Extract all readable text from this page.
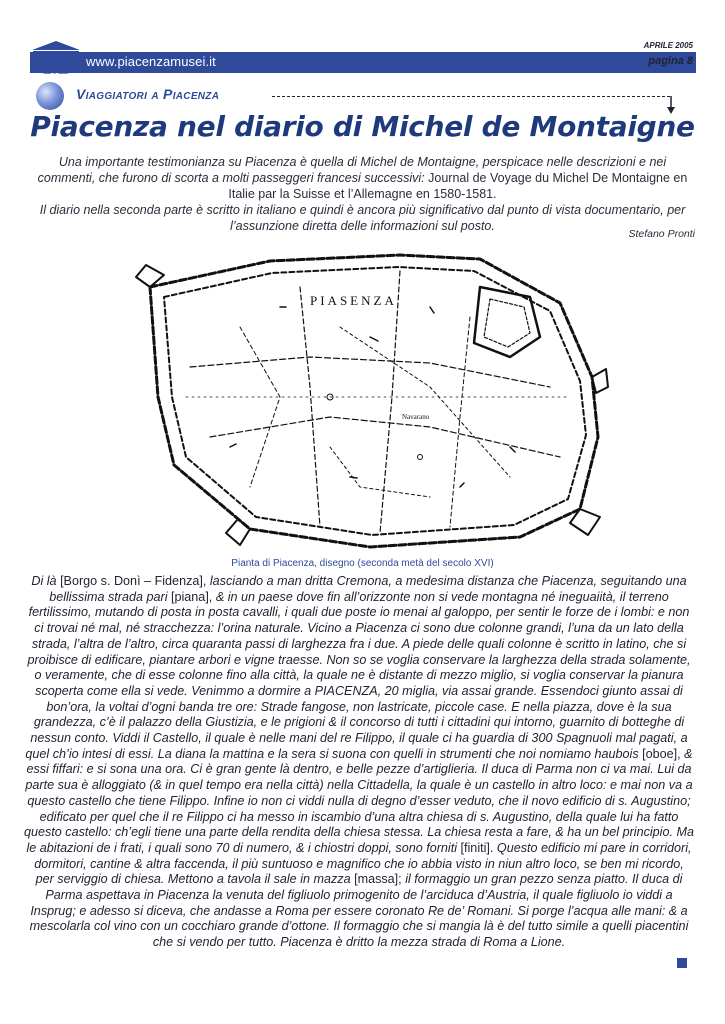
www.piacenzamusei.it
APRILE 2005
pagina 8
Viaggiatori a Piacenza
Piacenza nel diario di Michel de Montaigne
Una importante testimonianza su Piacenza è quella di Michel de Montaigne, perspicace nelle descrizioni e nei commenti, che furono di scorta a molti passeggeri francesi successivi: Journal de Voyage du Michel De Montaigne en Italie par la Suisse et l’Allemagne en 1580-1581.
Il diario nella seconda parte è scritto in italiano e quindi è ancora più significativo dal punto di vista documentario, per l’assunzione diretta delle informazioni sul posto.
Stefano Pronti
PIASENZA
Navarano
Pianta di Piacenza, disegno (seconda metà del secolo XVI)
Di là [Borgo s. Donì – Fidenza], lasciando a man dritta Cremona, a medesima distanza che Piacenza, seguitando una bellissima strada pari [piana], & in un paese dove fin all’orizzonte non si vede montagna né ineguaiità, il terreno fertilissimo, mutando di posta in posta cavalli, i quali due poste io menai al galoppo, per sentir le forze de i lombi: e non ci trovai né mal, né stracchezza: l’orina naturale. Vicino a Piacenza ci sono due colonne grandi, l’una da un lato della strada, l’altra de l’altro, circa quaranta passi di larghezza fra i due. A piede delle quali colonne è scritto in latino, che si proibisce di edificare, piantare arbori e vigne traesse. Non so se voglia conservare la larghezza della strada solamente, o veramente, che di esse colonne fino alla città, la quale ne è distante di mezzo miglio, si voglia conservar la pianura scoperta come ella si vede. Venimmo a dormire a PIACENZA, 20 miglia, via assai grande. Essendoci giunto assai di bon’ora, la voltai d’ogni banda tre ore: Strade fangose, non lastricate, piccole case. E nella piazza, dove è la sua grandezza, c’è il palazzo della Giustizia, e le prigioni & il concorso di tutti i cittadini qui intorno, guarnito di botteghe di nessun conto. Viddi il Castello, il quale è nelle mani del re Filippo, il quale ci ha guardia di 300 Spagnuoli mal pagati, a quel ch’io intesi di essi. La diana la mattina e la sera si suona con quelli in strumenti che noi nomiamo haubois [oboe], & essi fiffari: e si sona una ora. Ci è gran gente là dentro, e belle pezze d’artiglieria. Il duca di Parma non ci va mai. Lui da parte sua è alloggiato (& in quel tempo era nella città) nella Cittadella, la quale è un castello in altro loco: e mai non va a questo castello che tiene Filippo. Infine io non ci viddi nulla di degno d’esser veduto, che il novo edificio di s. Augustino; edificato per quel che il re Filippo ci ha messo in iscambio d’una altra chiesa di s. Augustino, della quale lui ha fatto questo castello: ch’egli tiene una parte della rendita della chiesa stessa. La chiesa resta a fare, & ha un bel principio. Ma le abitazioni de i frati, i quali sono 70 di numero, & i chiostri doppi, sono forniti [finiti]. Questo edificio mi pare in corridori, dormitori, cantine & altra faccenda, il più suntuoso e magnifico che io abbia visto in niun altro loco, se ben mi ricordo, per serviggio di chiesa. Mettono a tavola il sale in mazza [massa]; il formaggio un gran pezzo senza piatto. Il duca di Parma aspettava in Piacenza la venuta del figliuolo primogenito de l’arciduca d’Austria, il quale figliuolo io viddi a Insprug; e adesso si diceva, che andasse a Roma per essere coronato Re de’ Romani. Si porge l’acqua alle mani: & a mescolarla col vino con un cocchiaro grande d’ottone. Il formaggio che si mangia là è del tutto simile a quelli piacentini che si vendo per tutto. Piacenza è dritto la mezza strada di Roma a Lione.
